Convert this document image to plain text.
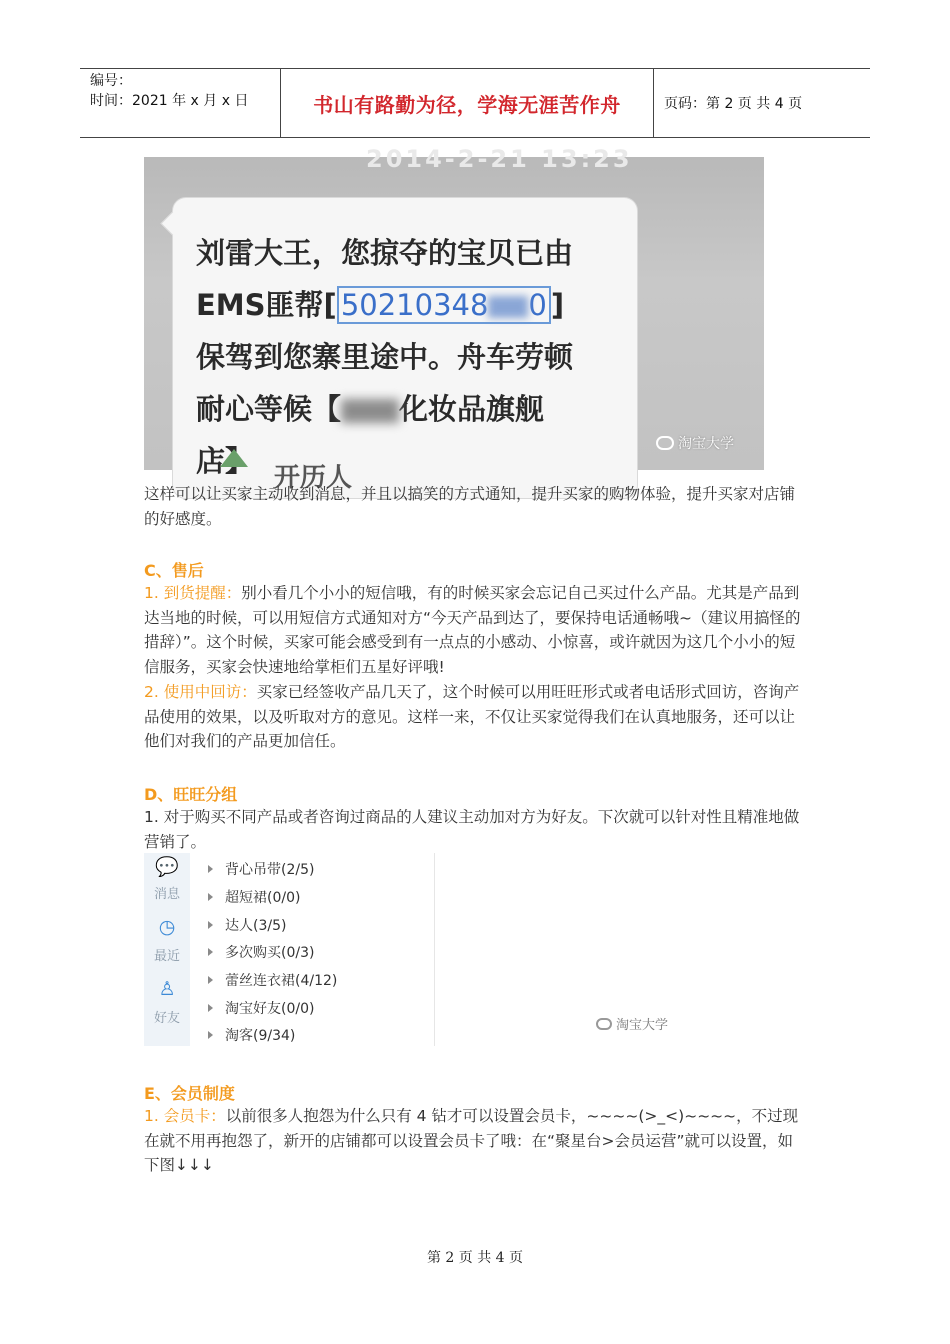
编号：
时间：2021 年 x 月 x 日	书山有路勤为径，学海无涯苦作舟	页码：第 2 页 共 4 页
2014-2-21 13:23
刘雷大王，您掠夺的宝贝已由
EMS匪帮[ 50210348 0 ]
保驾到您寨里途中。舟车劳顿
耐心等候【 化妆品旗舰
店】 开历人
淘宝大学
这样可以让买家主动收到消息，并且以搞笑的方式通知，提升买家的购物体验，提升买家对店铺的好感度。
C、售后
1. 到货提醒：别小看几个小小的短信哦，有的时候买家会忘记自己买过什么产品。尤其是产品到达当地的时候，可以用短信方式通知对方“今天产品到达了，要保持电话通畅哦~（建议用搞怪的措辞）”。这个时候，买家可能会感受到有一点点的小感动、小惊喜，或许就因为这几个小小的短信服务，买家会快速地给掌柜们五星好评哦!
2. 使用中回访：买家已经签收产品几天了，这个时候可以用旺旺形式或者电话形式回访，咨询产品使用的效果，以及听取对方的意见。这样一来，不仅让买家觉得我们在认真地服务，还可以让他们对我们的产品更加信任。
D、旺旺分组
1. 对于购买不同产品或者咨询过商品的人建议主动加对方为好友。下次就可以针对性且精准地做营销了。
💬
消息
◷
最近
♙
好友
背心吊带(2/5)
超短裙(0/0)
达人(3/5)
多次购买(0/3)
蕾丝连衣裙(4/12)
淘宝好友(0/0)
淘客(9/34)
淘宝大学
E、会员制度
1. 会员卡：以前很多人抱怨为什么只有 4 钻才可以设置会员卡，~~~~(>_<)~~~~，不过现在就不用再抱怨了，新开的店铺都可以设置会员卡了哦：在“聚星台>会员运营”就可以设置，如下图↓↓↓
第 2 页 共 4 页
